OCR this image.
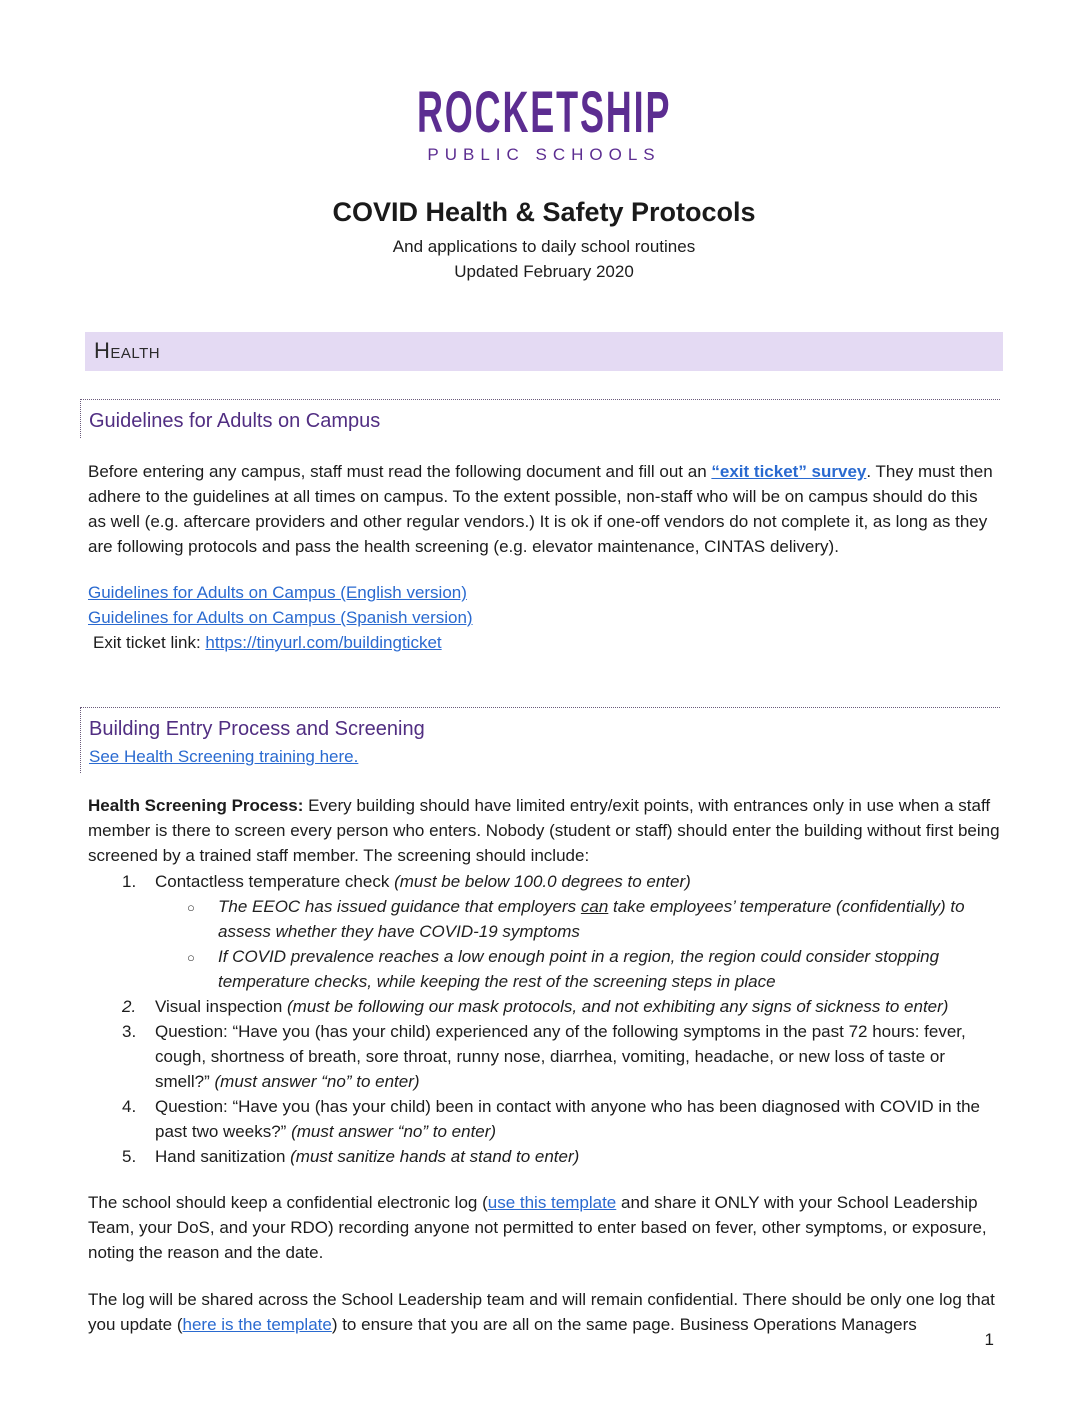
ROCKETSHIP
PUBLIC SCHOOLS
COVID Health & Safety Protocols
And applications to daily school routines
Updated February 2020
Health
Guidelines for Adults on Campus

Before entering any campus, staff must read the following document and fill out an “exit ticket” survey. They must then adhere to the guidelines at all times on campus. To the extent possible, non-staff who will be on campus should do this as well (e.g. aftercare providers and other regular vendors.) It is ok if one-off vendors do not complete it, as long as they are following protocols and pass the health screening (e.g. elevator maintenance, CINTAS delivery).

Guidelines for Adults on Campus (English version)
Guidelines for Adults on Campus (Spanish version)
Exit ticket link: https://tinyurl.com/buildingticket
Building Entry Process and Screening
See Health Screening training here.

Health Screening Process: Every building should have limited entry/exit points, with entrances only in use when a staff member is there to screen every person who enters. Nobody (student or staff) should enter the building without first being screened by a trained staff member. The screening should include:

1. Contactless temperature check (must be below 100.0 degrees to enter)
○ The EEOC has issued guidance that employers can take employees’ temperature (confidentially) to assess whether they have COVID-19 symptoms
○ If COVID prevalence reaches a low enough point in a region, the region could consider stopping temperature checks, while keeping the rest of the screening steps in place
2. Visual inspection (must be following our mask protocols, and not exhibiting any signs of sickness to enter)
3. Question: “Have you (has your child) experienced any of the following symptoms in the past 72 hours: fever, cough, shortness of breath, sore throat, runny nose, diarrhea, vomiting, headache, or new loss of taste or smell?” (must answer “no” to enter)
4. Question: “Have you (has your child) been in contact with anyone who has been diagnosed with COVID in the past two weeks?” (must answer “no” to enter)
5. Hand sanitization (must sanitize hands at stand to enter)

The school should keep a confidential electronic log (use this template and share it ONLY with your School Leadership Team, your DoS, and your RDO) recording anyone not permitted to enter based on fever, other symptoms, or exposure, noting the reason and the date.

The log will be shared across the School Leadership team and will remain confidential. There should be only one log that you update (here is the template) to ensure that you are all on the same page. Business Operations Managers

1
